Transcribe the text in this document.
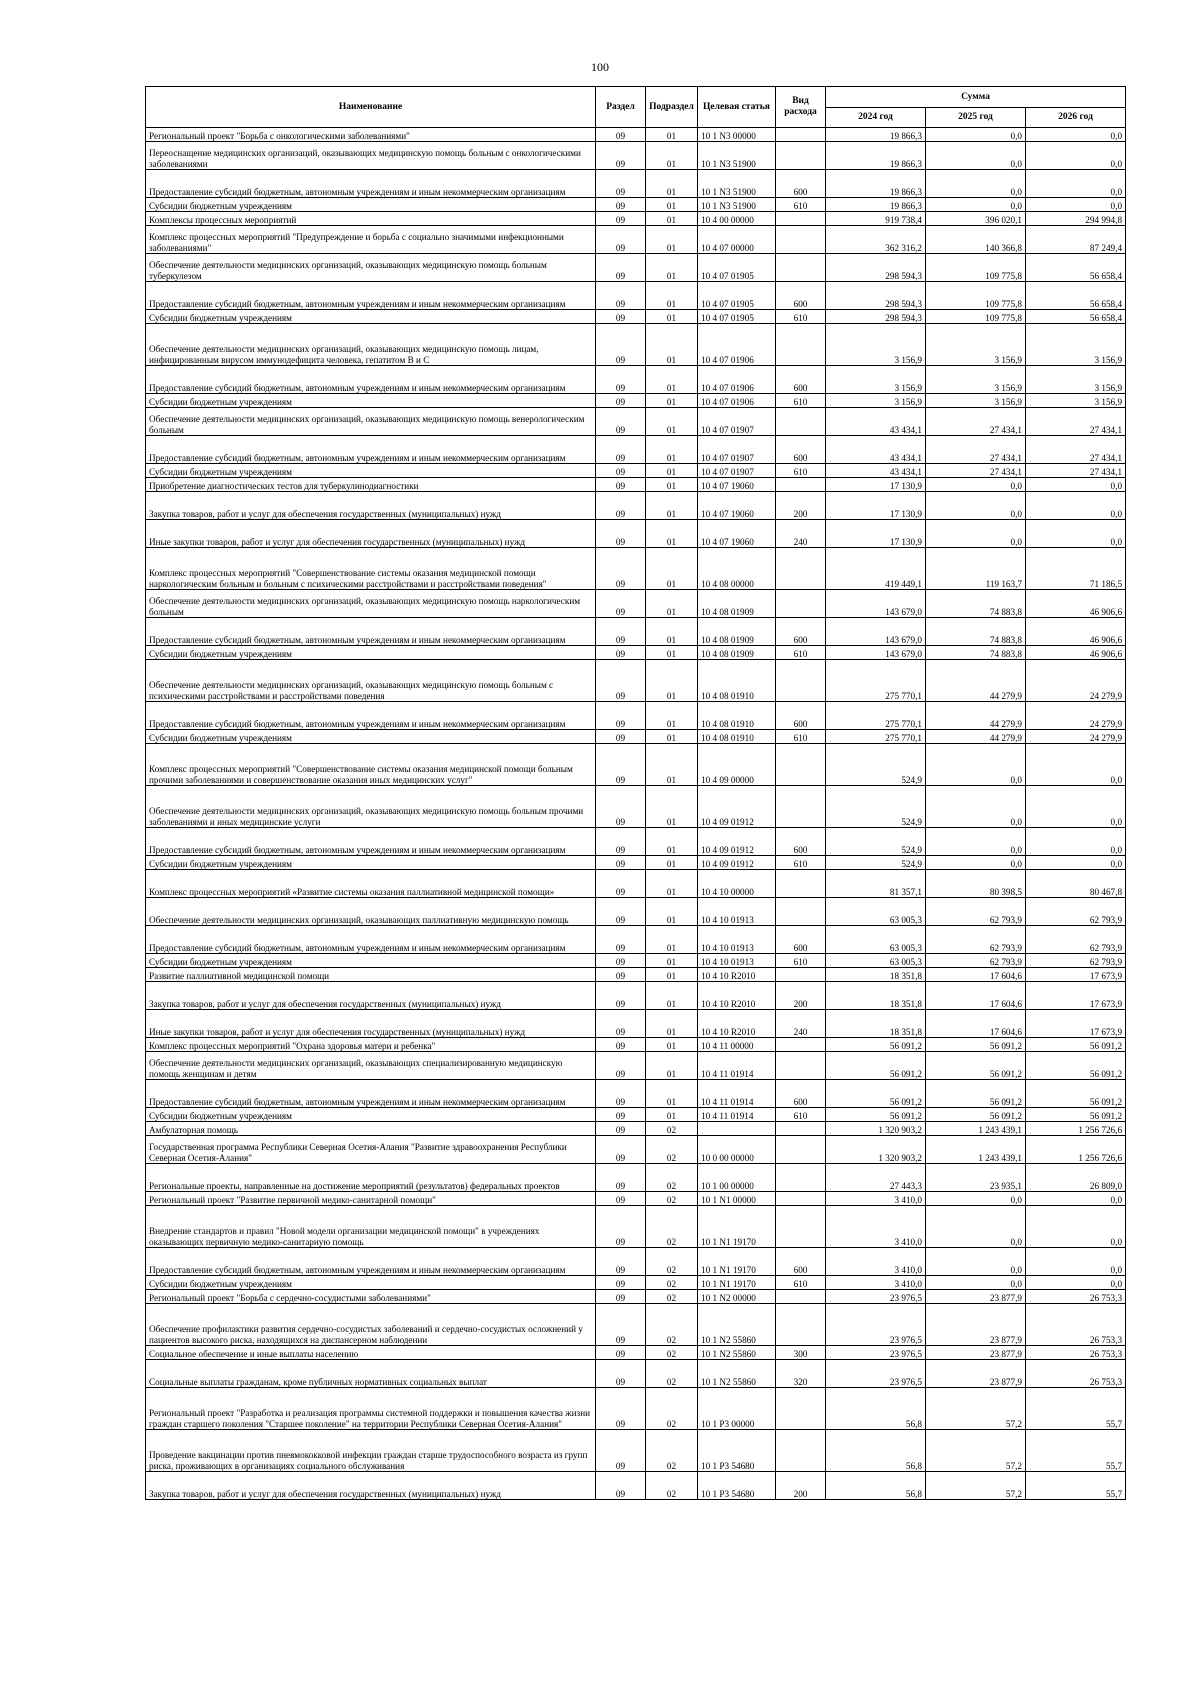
100
Наименование	Раздел	Подраздел	Целевая статья	Вид расхода	Сумма		
					2024 год	2025 год	2026 год
Региональный проект "Борьба с онкологическими заболеваниями"	09	01	10 1 N3 00000		19 866,3	0,0	0,0
Переоснащение медицинских организаций, оказывающих медицинскую помощь больным с онкологическими заболеваниями	09	01	10 1 N3 51900		19 866,3	0,0	0,0
Предоставление субсидий бюджетным, автономным учреждениям и иным некоммерческим организациям	09	01	10 1 N3 51900	600	19 866,3	0,0	0,0
Субсидии бюджетным учреждениям	09	01	10 1 N3 51900	610	19 866,3	0,0	0,0
Комплексы процессных мероприятий	09	01	10 4 00 00000		919 738,4	396 020,1	294 994,8
Комплекс процессных мероприятий "Предупреждение и борьба с социально значимыми инфекционными заболеваниями"	09	01	10 4 07 00000		362 316,2	140 366,8	87 249,4
Обеспечение деятельности медицинских организаций, оказывающих медицинскую помощь больным туберкулезом	09	01	10 4 07 01905		298 594,3	109 775,8	56 658,4
Предоставление субсидий бюджетным, автономным учреждениям и иным некоммерческим организациям	09	01	10 4 07 01905	600	298 594,3	109 775,8	56 658,4
Субсидии бюджетным учреждениям	09	01	10 4 07 01905	610	298 594,3	109 775,8	56 658,4
Обеспечение деятельности медицинских организаций, оказывающих медицинскую помощь лицам, инфицированным вирусом иммунодефицита человека, гепатитом В и С	09	01	10 4 07 01906		3 156,9	3 156,9	3 156,9
Предоставление субсидий бюджетным, автономным учреждениям и иным некоммерческим организациям	09	01	10 4 07 01906	600	3 156,9	3 156,9	3 156,9
Субсидии бюджетным учреждениям	09	01	10 4 07 01906	610	3 156,9	3 156,9	3 156,9
Обеспечение деятельности медицинских организаций, оказывающих медицинскую помощь венерологическим больным	09	01	10 4 07 01907		43 434,1	27 434,1	27 434,1
Предоставление субсидий бюджетным, автономным учреждениям и иным некоммерческим организациям	09	01	10 4 07 01907	600	43 434,1	27 434,1	27 434,1
Субсидии бюджетным учреждениям	09	01	10 4 07 01907	610	43 434,1	27 434,1	27 434,1
Приобретение диагностических тестов для туберкулинодиагностики	09	01	10 4 07 19060		17 130,9	0,0	0,0
Закупка товаров, работ и услуг для обеспечения государственных (муниципальных) нужд	09	01	10 4 07 19060	200	17 130,9	0,0	0,0
Иные закупки товаров, работ и услуг для обеспечения государственных (муниципальных) нужд	09	01	10 4 07 19060	240	17 130,9	0,0	0,0
Комплекс процессных мероприятий "Совершенствование системы оказания медицинской помощи наркологическим больным и больным с психическими расстройствами и расстройствами поведения"	09	01	10 4 08 00000		419 449,1	119 163,7	71 186,5
Обеспечение деятельности медицинских организаций, оказывающих медицинскую помощь наркологическим больным	09	01	10 4 08 01909		143 679,0	74 883,8	46 906,6
Предоставление субсидий бюджетным, автономным учреждениям и иным некоммерческим организациям	09	01	10 4 08 01909	600	143 679,0	74 883,8	46 906,6
Субсидии бюджетным учреждениям	09	01	10 4 08 01909	610	143 679,0	74 883,8	46 906,6
Обеспечение деятельности медицинских организаций, оказывающих медицинскую помощь больным с психическими расстройствами и расстройствами поведения	09	01	10 4 08 01910		275 770,1	44 279,9	24 279,9
Предоставление субсидий бюджетным, автономным учреждениям и иным некоммерческим организациям	09	01	10 4 08 01910	600	275 770,1	44 279,9	24 279,9
Субсидии бюджетным учреждениям	09	01	10 4 08 01910	610	275 770,1	44 279,9	24 279,9
Комплекс процессных мероприятий "Совершенствование системы оказания медицинской помощи больным прочими заболеваниями и совершенствование оказания иных медицинских услуг"	09	01	10 4 09 00000		524,9	0,0	0,0
Обеспечение деятельности медицинских организаций, оказывающих медицинскую помощь больным прочими заболеваниями и иных медицинские услуги	09	01	10 4 09 01912		524,9	0,0	0,0
Предоставление субсидий бюджетным, автономным учреждениям и иным некоммерческим организациям	09	01	10 4 09 01912	600	524,9	0,0	0,0
Субсидии бюджетным учреждениям	09	01	10 4 09 01912	610	524,9	0,0	0,0
Комплекс процессных мероприятий «Развитие системы оказания паллиативной медицинской помощи»	09	01	10 4 10 00000		81 357,1	80 398,5	80 467,8
Обеспечение деятельности медицинских организаций, оказывающих паллиативную медицинскую помощь	09	01	10 4 10 01913		63 005,3	62 793,9	62 793,9
Предоставление субсидий бюджетным, автономным учреждениям и иным некоммерческим организациям	09	01	10 4 10 01913	600	63 005,3	62 793,9	62 793,9
Субсидии бюджетным учреждениям	09	01	10 4 10 01913	610	63 005,3	62 793,9	62 793,9
Развитие паллиативной медицинской помощи	09	01	10 4 10 R2010		18 351,8	17 604,6	17 673,9
Закупка товаров, работ и услуг для обеспечения государственных (муниципальных) нужд	09	01	10 4 10 R2010	200	18 351,8	17 604,6	17 673,9
Иные закупки товаров, работ и услуг для обеспечения государственных (муниципальных) нужд	09	01	10 4 10 R2010	240	18 351,8	17 604,6	17 673,9
Комплекс процессных мероприятий "Охрана здоровья матери и ребенка"	09	01	10 4 11 00000		56 091,2	56 091,2	56 091,2
Обеспечение деятельности медицинских организаций, оказывающих специализированную медицинскую помощь женщинам и детям	09	01	10 4 11 01914		56 091,2	56 091,2	56 091,2
Предоставление субсидий бюджетным, автономным учреждениям и иным некоммерческим организациям	09	01	10 4 11 01914	600	56 091,2	56 091,2	56 091,2
Субсидии бюджетным учреждениям	09	01	10 4 11 01914	610	56 091,2	56 091,2	56 091,2
Амбулаторная помощь	09	02			1 320 903,2	1 243 439,1	1 256 726,6
Государственная программа Республики Северная Осетия-Алания "Развитие здравоохранения Республики Северная Осетия-Алания"	09	02	10 0 00 00000		1 320 903,2	1 243 439,1	1 256 726,6
Региональные проекты, направленные на достижение мероприятий (результатов) федеральных проектов	09	02	10 1 00 00000		27 443,3	23 935,1	26 809,0
Региональный проект "Развитие первичной медико-санитарной помощи"	09	02	10 1 N1 00000		3 410,0	0,0	0,0
Внедрение стандартов и правил "Новой модели организации медицинской помощи" в учреждениях оказывающих первичную медико-санитарную помощь	09	02	10 1 N1 19170		3 410,0	0,0	0,0
Предоставление субсидий бюджетным, автономным учреждениям и иным некоммерческим организациям	09	02	10 1 N1 19170	600	3 410,0	0,0	0,0
Субсидии бюджетным учреждениям	09	02	10 1 N1 19170	610	3 410,0	0,0	0,0
Региональный проект "Борьба с сердечно-сосудистыми заболеваниями"	09	02	10 1 N2 00000		23 976,5	23 877,9	26 753,3
Обеспечение профилактики развития сердечно-сосудистых заболеваний и сердечно-сосудистых осложнений у пациентов высокого риска, находящихся на диспансерном наблюдении	09	02	10 1 N2 55860		23 976,5	23 877,9	26 753,3
Социальное обеспечение и иные выплаты населению	09	02	10 1 N2 55860	300	23 976,5	23 877,9	26 753,3
Социальные выплаты гражданам, кроме публичных нормативных социальных выплат	09	02	10 1 N2 55860	320	23 976,5	23 877,9	26 753,3
Региональный проект "Разработка и реализация программы системной поддержки и повышения качества жизни граждан старшего поколения "Старшее поколение" на территории Республики Северная Осетия-Алания"	09	02	10 1 P3 00000		56,8	57,2	55,7
Проведение вакцинации против пневмококковой инфекции граждан старше трудоспособного возраста из групп риска, проживающих в организациях социального обслуживания	09	02	10 1 P3 54680		56,8	57,2	55,7
Закупка товаров, работ и услуг для обеспечения государственных (муниципальных) нужд	09	02	10 1 P3 54680	200	56,8	57,2	55,7
